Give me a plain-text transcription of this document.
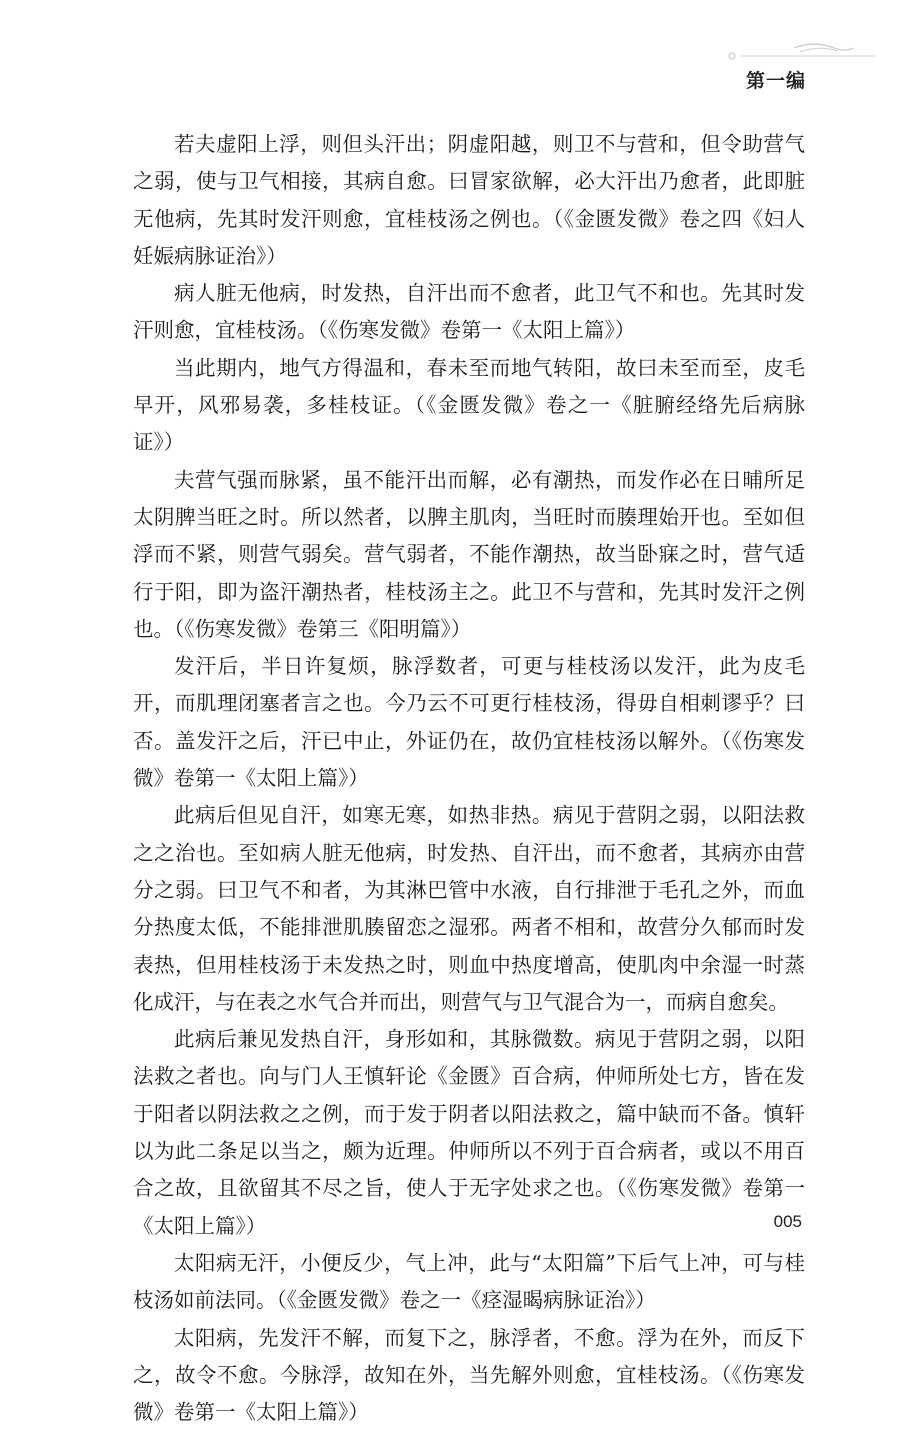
第一编

若夫虚阳上浮，则但头汗出；阴虚阳越，则卫不与营和，但令助营气之弱，使与卫气相接，其病自愈。曰冒家欲解，必大汗出乃愈者，此即脏无他病，先其时发汗则愈，宜桂枝汤之例也。（《金匮发微》卷之四《妇人妊娠病脉证治》）

病人脏无他病，时发热，自汗出而不愈者，此卫气不和也。先其时发汗则愈，宜桂枝汤。（《伤寒发微》卷第一《太阳上篇》）

当此期内，地气方得温和，春未至而地气转阳，故曰未至而至，皮毛早开，风邪易袭，多桂枝证。（《金匮发微》卷之一《脏腑经络先后病脉证》）

夫营气强而脉紧，虽不能汗出而解，必有潮热，而发作必在日晡所足太阴脾当旺之时。所以然者，以脾主肌肉，当旺时而腠理始开也。至如但浮而不紧，则营气弱矣。营气弱者，不能作潮热，故当卧寐之时，营气适行于阳，即为盗汗潮热者，桂枝汤主之。此卫不与营和，先其时发汗之例也。（《伤寒发微》卷第三《阳明篇》）

发汗后，半日许复烦，脉浮数者，可更与桂枝汤以发汗，此为皮毛开，而肌理闭塞者言之也。今乃云不可更行桂枝汤，得毋自相刺谬乎？曰否。盖发汗之后，汗已中止，外证仍在，故仍宜桂枝汤以解外。（《伤寒发微》卷第一《太阳上篇》）

此病后但见自汗，如寒无寒，如热非热。病见于营阴之弱，以阳法救之之治也。至如病人脏无他病，时发热、自汗出，而不愈者，其病亦由营分之弱。曰卫气不和者，为其淋巴管中水液，自行排泄于毛孔之外，而血分热度太低，不能排泄肌腠留恋之湿邪。两者不相和，故营分久郁而时发表热，但用桂枝汤于未发热之时，则血中热度增高，使肌肉中余湿一时蒸化成汗，与在表之水气合并而出，则营气与卫气混合为一，而病自愈矣。

此病后兼见发热自汗，身形如和，其脉微数。病见于营阴之弱，以阳法救之者也。向与门人王慎轩论《金匮》百合病，仲师所处七方，皆在发于阳者以阴法救之之例，而于发于阴者以阳法救之，篇中缺而不备。慎轩以为此二条足以当之，颇为近理。仲师所以不列于百合病者，或以不用百合之故，且欲留其不尽之旨，使人于无字处求之也。（《伤寒发微》卷第一《太阳上篇》）

太阳病无汗，小便反少，气上冲，此与“太阳篇”下后气上冲，可与桂枝汤如前法同。（《金匮发微》卷之一《痉湿暍病脉证治》）

太阳病，先发汗不解，而复下之，脉浮者，不愈。浮为在外，而反下之，故令不愈。今脉浮，故知在外，当先解外则愈，宜桂枝汤。（《伤寒发微》卷第一《太阳上篇》）

005
